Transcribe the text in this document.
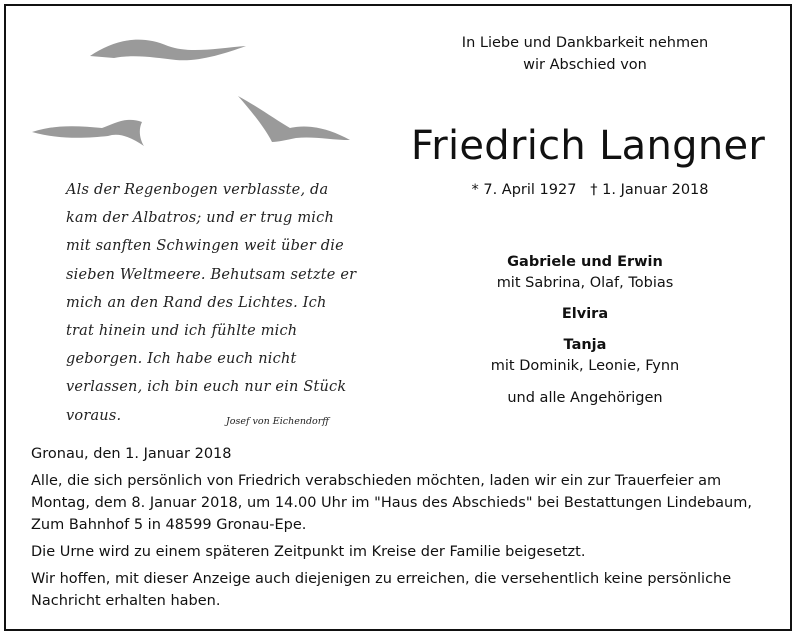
Als der Regenbogen verblasste, da
kam der Albatros; und er trug mich
mit sanften Schwingen weit über die
sieben Weltmeere. Behutsam setzte er
mich an den Rand des Lichtes. Ich
trat hinein und ich fühlte mich
geborgen. Ich habe euch nicht
verlassen, ich bin euch nur ein Stück
voraus.	Josef von Eichendorff
In Liebe und Dankbarkeit nehmen
wir Abschied von
Friedrich Langner
* 7. April 1927 † 1. Januar 2018
Gabriele und Erwin
mit Sabrina, Olaf, Tobias
Elvira
Tanja
mit Dominik, Leonie, Fynn
und alle Angehörigen

Gronau, den 1. Januar 2018

Alle, die sich persönlich von Friedrich verabschieden möchten, laden wir ein zur Trauerfeier am Montag, dem 8. Januar 2018, um 14.00 Uhr im "Haus des Abschieds" bei Bestattungen Lindebaum, Zum Bahnhof 5 in 48599 Gronau-Epe.

Die Urne wird zu einem späteren Zeitpunkt im Kreise der Familie beigesetzt.

Wir hoffen, mit dieser Anzeige auch diejenigen zu erreichen, die versehentlich keine persönliche Nachricht erhalten haben.
